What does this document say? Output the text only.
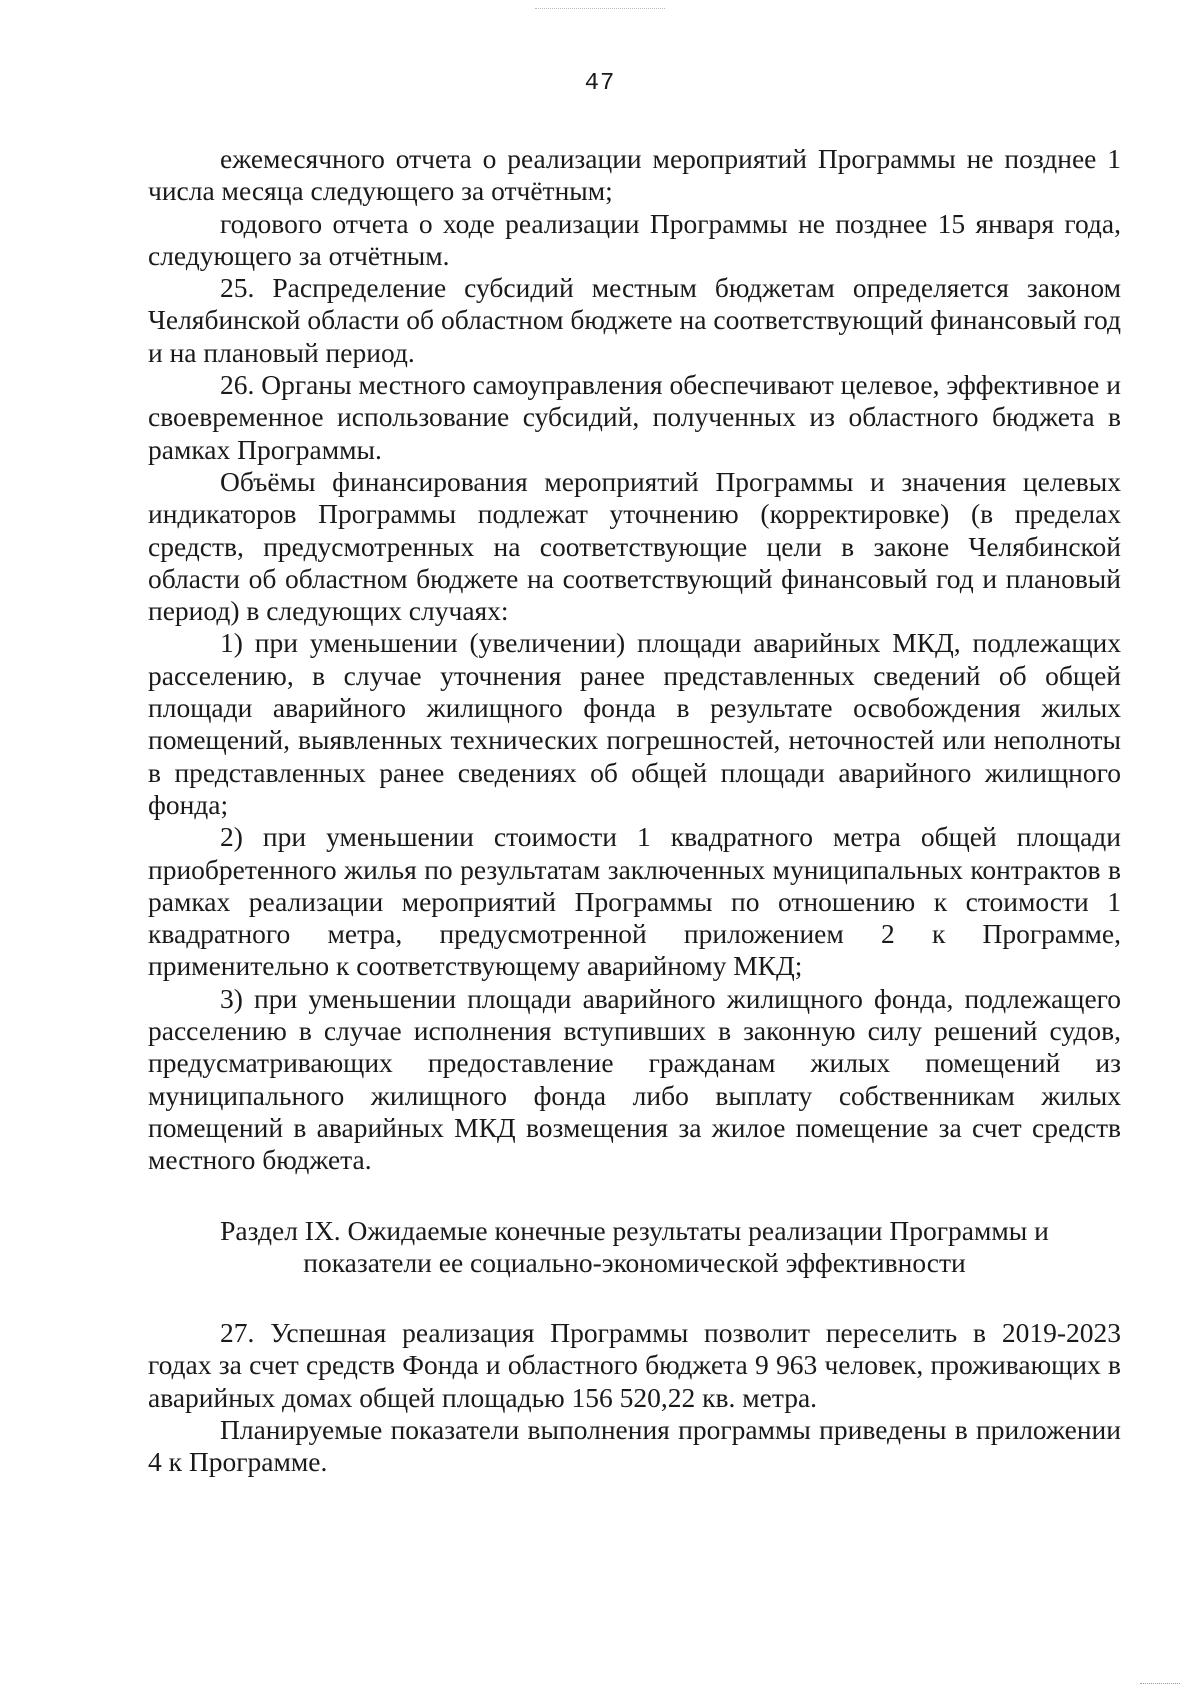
47

ежемесячного отчета о реализации мероприятий Программы не позднее 1 числа месяца следующего за отчётным;

годового отчета о ходе реализации Программы не позднее 15 января года, следующего за отчётным.

25. Распределение субсидий местным бюджетам определяется законом Челябинской области об областном бюджете на соответствующий финансовый год и на плановый период.

26. Органы местного самоуправления обеспечивают целевое, эффективное и своевременное использование субсидий, полученных из областного бюджета в рамках Программы.

Объёмы финансирования мероприятий Программы и значения целевых индикаторов Программы подлежат уточнению (корректировке) (в пределах средств, предусмотренных на соответствующие цели в законе Челябинской области об областном бюджете на соответствующий финансовый год и плановый период) в следующих случаях:

1) при уменьшении (увеличении) площади аварийных МКД, подлежащих расселению, в случае уточнения ранее представленных сведений об общей площади аварийного жилищного фонда в результате освобождения жилых помещений, выявленных технических погрешностей, неточностей или неполноты в представленных ранее сведениях об общей площади аварийного жилищного фонда;

2) при уменьшении стоимости 1 квадратного метра общей площади приобретенного жилья по результатам заключенных муниципальных контрактов в рамках реализации мероприятий Программы по отношению к стоимости 1 квадратного метра, предусмотренной приложением 2 к Программе, применительно к соответствующему аварийному МКД;

3) при уменьшении площади аварийного жилищного фонда, подлежащего расселению в случае исполнения вступивших в законную силу решений судов, предусматривающих предоставление гражданам жилых помещений из муниципального жилищного фонда либо выплату собственникам жилых помещений в аварийных МКД возмещения за жилое помещение за счет средств местного бюджета.

Раздел IX. Ожидаемые конечные результаты реализации Программы и
показатели ее социально-экономической эффективности

27. Успешная реализация Программы позволит переселить в 2019-2023 годах за счет средств Фонда и областного бюджета 9 963 человек, проживающих в аварийных домах общей площадью 156 520,22 кв. метра.

Планируемые показатели выполнения программы приведены в приложении 4 к Программе.
